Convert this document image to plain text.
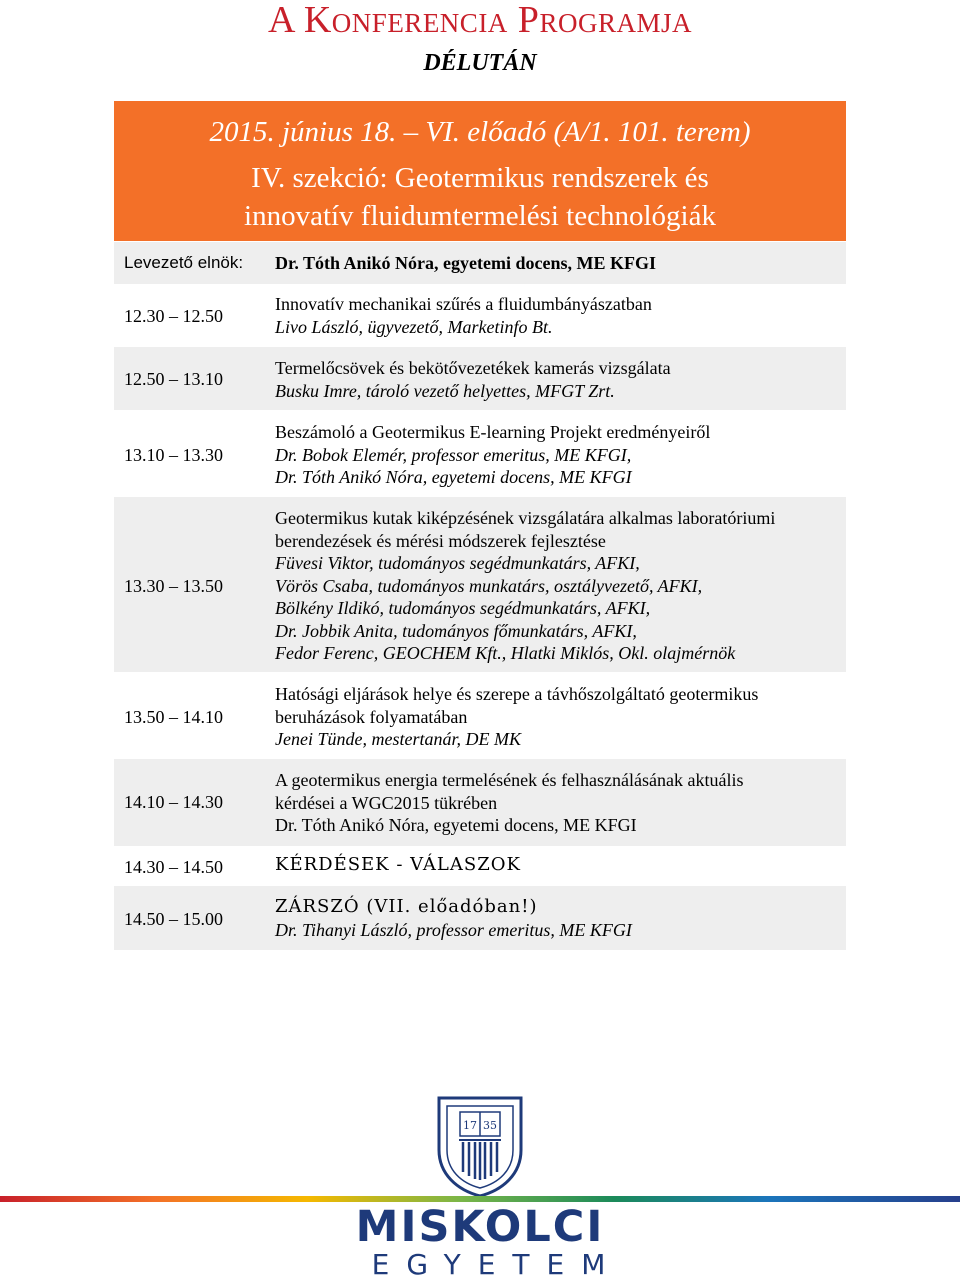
A Konferencia Programja
DÉLUTÁN
2015. június 18. – VI. előadó (A/1. 101. terem)
IV. szekció: Geotermikus rendszerek és
innovatív fluidumtermelési technológiák
Levezető elnök:	Dr. Tóth Anikó Nóra, egyetemi docens, ME KFGI
12.30 – 12.50
Innovatív mechanikai szűrés a fluidumbányászatban
Livo László, ügyvezető, Marketinfo Bt.
12.50 – 13.10
Termelőcsövek és bekötővezetékek kamerás vizsgálata
Busku Imre, tároló vezető helyettes, MFGT Zrt.
13.10 – 13.30
Beszámoló a Geotermikus E-learning Projekt eredményeiről
Dr. Bobok Elemér, professor emeritus, ME KFGI,
Dr. Tóth Anikó Nóra, egyetemi docens, ME KFGI
13.30 – 13.50
Geotermikus kutak kiképzésének vizsgálatára alkalmas laboratóriumi
berendezések és mérési módszerek fejlesztése
Füvesi Viktor, tudományos segédmunkatárs, AFKI,
Vörös Csaba, tudományos munkatárs, osztályvezető, AFKI,
Bölkény Ildikó, tudományos segédmunkatárs, AFKI,
Dr. Jobbik Anita, tudományos főmunkatárs, AFKI,
Fedor Ferenc, GEOCHEM Kft., Hlatki Miklós, Okl. olajmérnök
13.50 – 14.10
Hatósági eljárások helye és szerepe a távhőszolgáltató geotermikus
beruházások folyamatában
Jenei Tünde, mestertanár, DE MK
14.10 – 14.30
A geotermikus energia termelésének és felhasználásának aktuális
kérdései a WGC2015 tükrében
Dr. Tóth Anikó Nóra, egyetemi docens, ME KFGI
14.30 – 14.50	KÉRDÉSEK - VÁLASZOK
14.50 – 15.00
ZÁRSZÓ (VII. előadóban!)
Dr. Tihanyi László, professor emeritus, ME KFGI
17 35
MISKOLCI
EGYETEM
